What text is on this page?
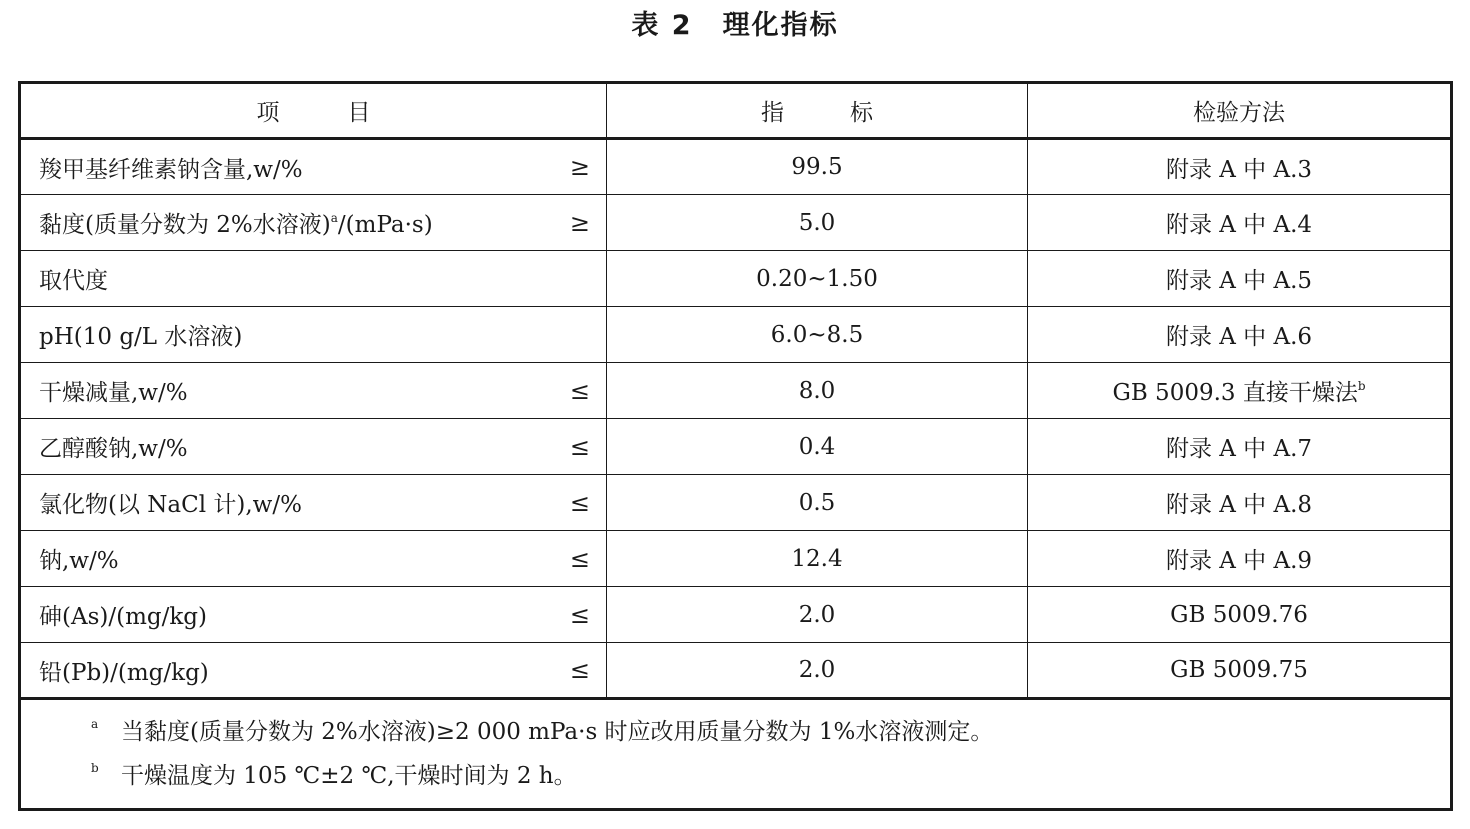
表 2 理化指标
项目	指标	检验方法
羧甲基纤维素钠含量,w/% ≥	99.5	附录 A 中 A.3
黏度(质量分数为 2%水溶液)$^a$/(mPa·s) ≥	5.0	附录 A 中 A.4
取代度	0.20~1.50	附录 A 中 A.5
pH(10 g/L 水溶液)	6.0~8.5	附录 A 中 A.6
干燥减量,w/% ≤	8.0	GB 5009.3 直接干燥法$^b$
乙醇酸钠,w/% ≤	0.4	附录 A 中 A.7
氯化物(以 NaCl 计),w/% ≤	0.5	附录 A 中 A.8
钠,w/% ≤	12.4	附录 A 中 A.9
砷(As)/(mg/kg) ≤	2.0	GB 5009.76
铅(Pb)/(mg/kg) ≤	2.0	GB 5009.75

a 当黏度(质量分数为 2%水溶液)≥2 000 mPa·s 时应改用质量分数为 1%水溶液测定。
b 干燥温度为 105 ℃±2 ℃,干燥时间为 2 h。		
